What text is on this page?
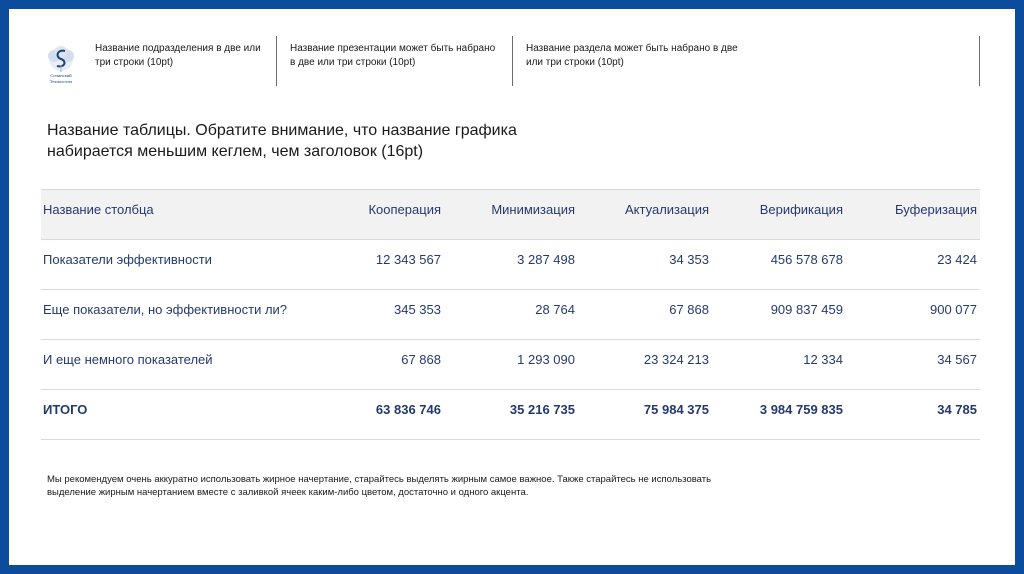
Сочинский
Технологич
Название подразделения в две или три строки (10pt)
Название презентации может быть набрано в две или три строки (10pt)
Название раздела может быть набрано в две или три строки (10pt)
Название таблицы. Обратите внимание, что название графика набирается меньшим кеглем, чем заголовок (16pt)
Название столбца	Кооперация	Минимизация	Актуализация	Верификация	Буферизация
Показатели эффективности	12 343 567	3 287 498	34 353	456 578 678	23 424
Еще показатели, но эффективности ли?	345 353	28 764	67 868	909 837 459	900 077
И еще немного показателей	67 868	1 293 090	23 324 213	12 334	34 567
ИТОГО	63 836 746	35 216 735	75 984 375	3 984 759 835	34 785
Мы рекомендуем очень аккуратно использовать жирное начертание, старайтесь выделять жирным самое важное. Также старайтесь не использовать выделение жирным начертанием вместе с заливкой ячеек каким-либо цветом, достаточно и одного акцента.
